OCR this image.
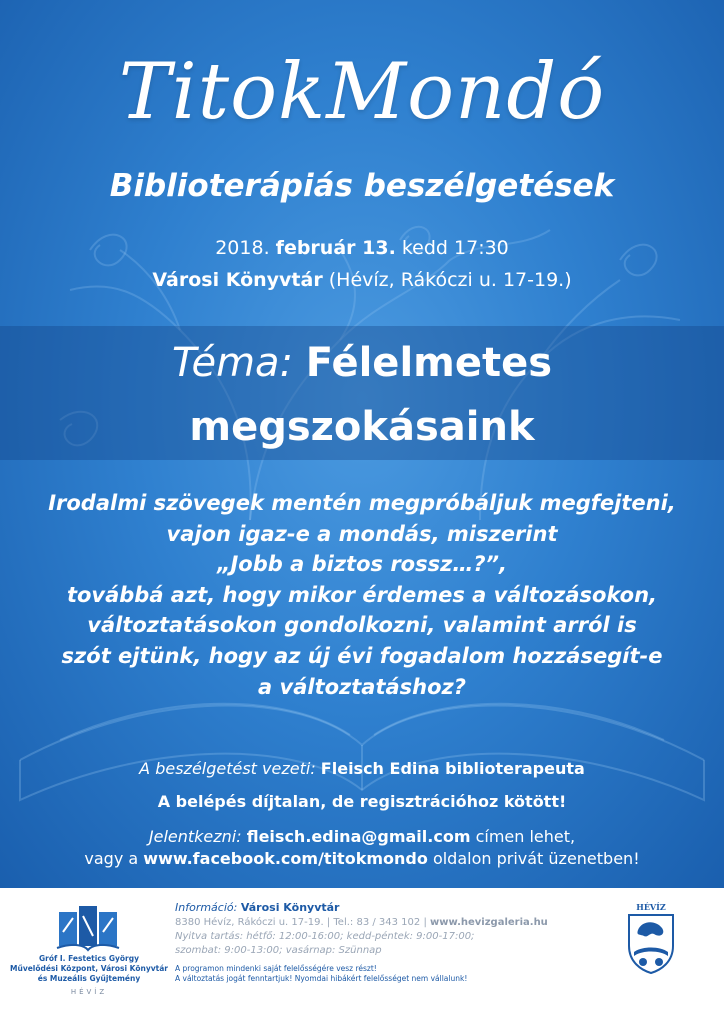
TitokMondó
Biblioterápiás beszélgetések
2018. február 13. kedd 17:30
Városi Könyvtár (Hévíz, Rákóczi u. 17-19.)
Téma: Félelmetes
megszokásaink

Irodalmi szövegek mentén megpróbáljuk megfejteni,

vajon igaz-e a mondás, miszerint

„Jobb a biztos rossz…?”,

továbbá azt, hogy mikor érdemes a változásokon,

változtatásokon gondolkozni, valamint arról is

szót ejtünk, hogy az új évi fogadalom hozzásegít-e

a változtatáshoz?

A beszélgetést vezeti: Fleisch Edina biblioterapeuta
A belépés díjtalan, de regisztrációhoz kötött!
Jelentkezni: fleisch.edina@gmail.com címen lehet,
vagy a www.facebook.com/titokmondo oldalon privát üzenetben!
Gróf I. Festetics György
Művelődési Központ, Városi Könyvtár
és Muzeális Gyűjtemény
HÉVÍZ
Információ: Városi Könyvtár
8380 Hévíz, Rákóczi u. 17-19. | Tel.: 83 / 343 102 | www.hevizgaleria.hu
Nyitva tartás: hétfő: 12:00-16:00; kedd-péntek: 9:00-17:00;
szombat: 9:00-13:00; vasárnap: Szünnap
A programon mindenki saját felelősségére vesz részt!
A változtatás jogát fenntartjuk! Nyomdai hibákért felelősséget nem vállalunk!
HÉVÍZ
